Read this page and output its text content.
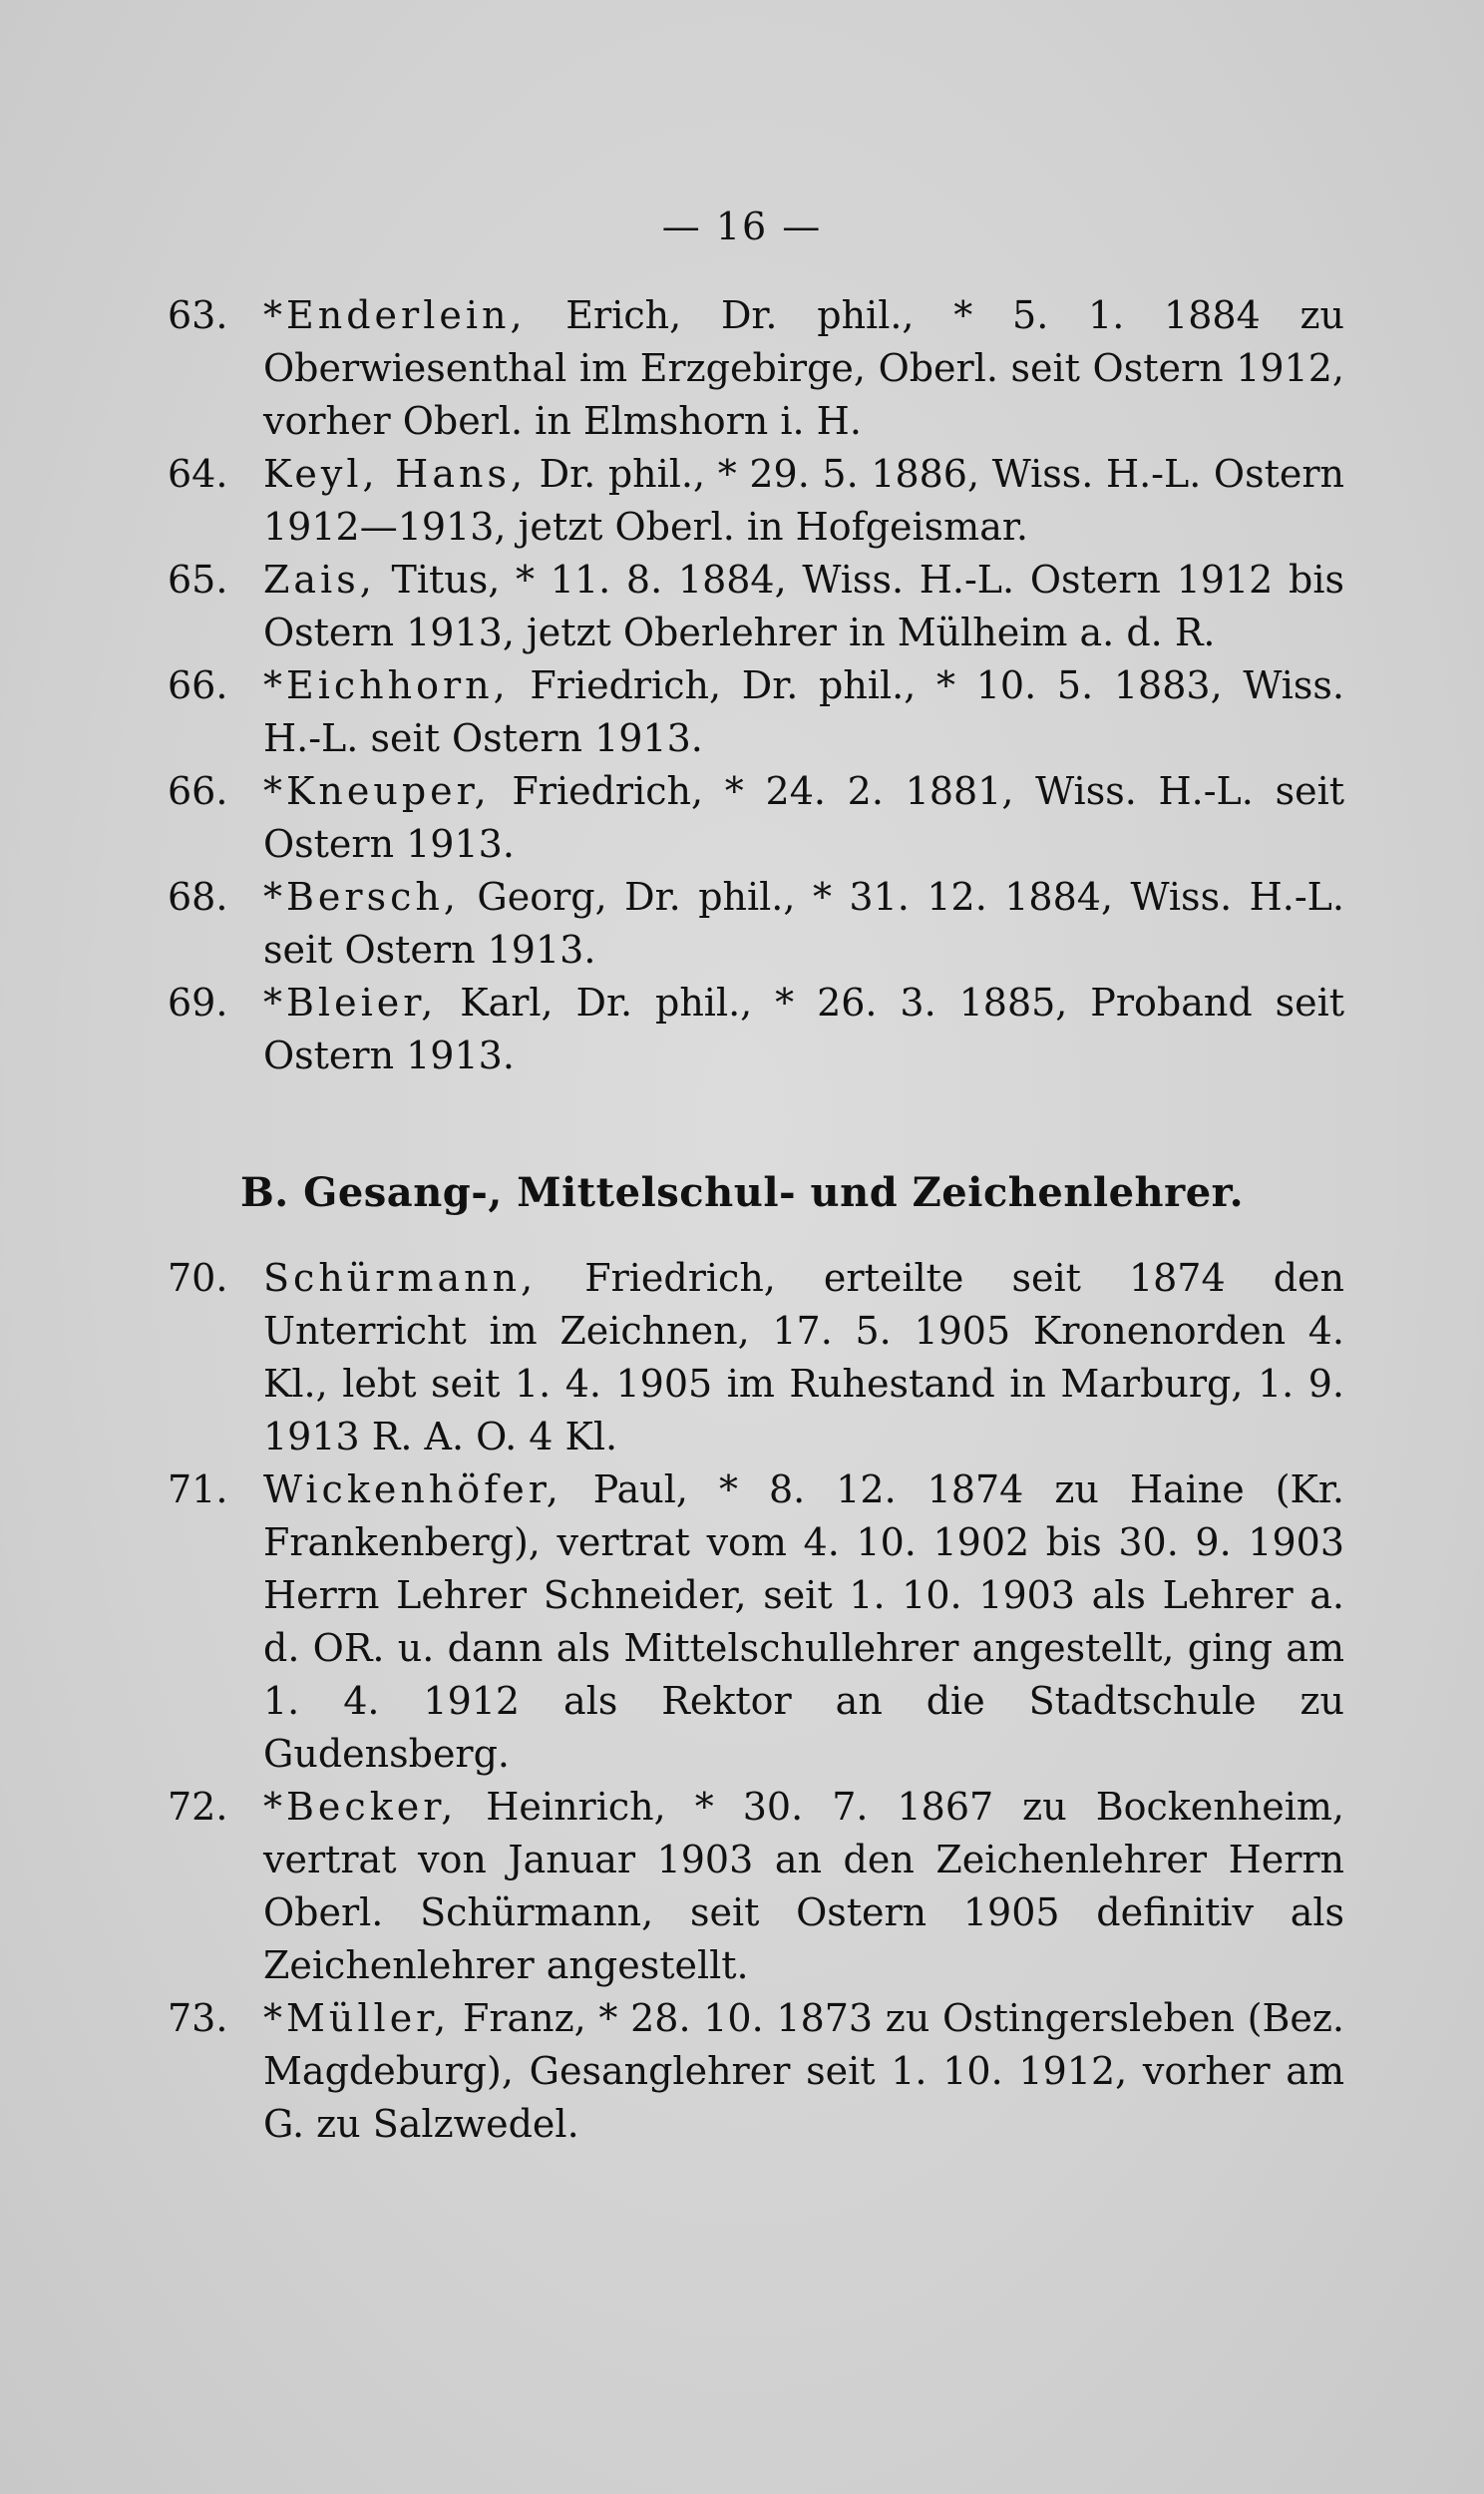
— 16 —
63. *Enderlein, Erich, Dr. phil., * 5. 1. 1884 zu Oberwiesenthal im Erzgebirge, Oberl. seit Ostern 1912, vorher Oberl. in Elmshorn i. H.
64. Keyl, Hans, Dr. phil., * 29. 5. 1886, Wiss. H.-L. Ostern 1912—1913, jetzt Oberl. in Hofgeismar.
65. Zais, Titus, * 11. 8. 1884, Wiss. H.-L. Ostern 1912 bis Ostern 1913, jetzt Oberlehrer in Mülheim a. d. R.
66. *Eichhorn, Friedrich, Dr. phil., * 10. 5. 1883, Wiss. H.-L. seit Ostern 1913.
66. *Kneuper, Friedrich, * 24. 2. 1881, Wiss. H.-L. seit Ostern 1913.
68. *Bersch, Georg, Dr. phil., * 31. 12. 1884, Wiss. H.-L. seit Ostern 1913.
69. *Bleier, Karl, Dr. phil., * 26. 3. 1885, Proband seit Ostern 1913.
B. Gesang-, Mittelschul- und Zeichenlehrer.
70. Schürmann, Friedrich, erteilte seit 1874 den Unterricht im Zeichnen, 17. 5. 1905 Kronenorden 4. Kl., lebt seit 1. 4. 1905 im Ruhestand in Marburg, 1. 9. 1913 R. A. O. 4 Kl.
71. Wickenhöfer, Paul, * 8. 12. 1874 zu Haine (Kr. Frankenberg), vertrat vom 4. 10. 1902 bis 30. 9. 1903 Herrn Lehrer Schneider, seit 1. 10. 1903 als Lehrer a. d. OR. u. dann als Mittelschullehrer angestellt, ging am 1. 4. 1912 als Rektor an die Stadtschule zu Gudensberg.
72. *Becker, Heinrich, * 30. 7. 1867 zu Bockenheim, vertrat von Januar 1903 an den Zeichenlehrer Herrn Oberl. Schürmann, seit Ostern 1905 definitiv als Zeichenlehrer angestellt.
73. *Müller, Franz, * 28. 10. 1873 zu Ostingersleben (Bez. Magdeburg), Gesanglehrer seit 1. 10. 1912, vorher am G. zu Salzwedel.
